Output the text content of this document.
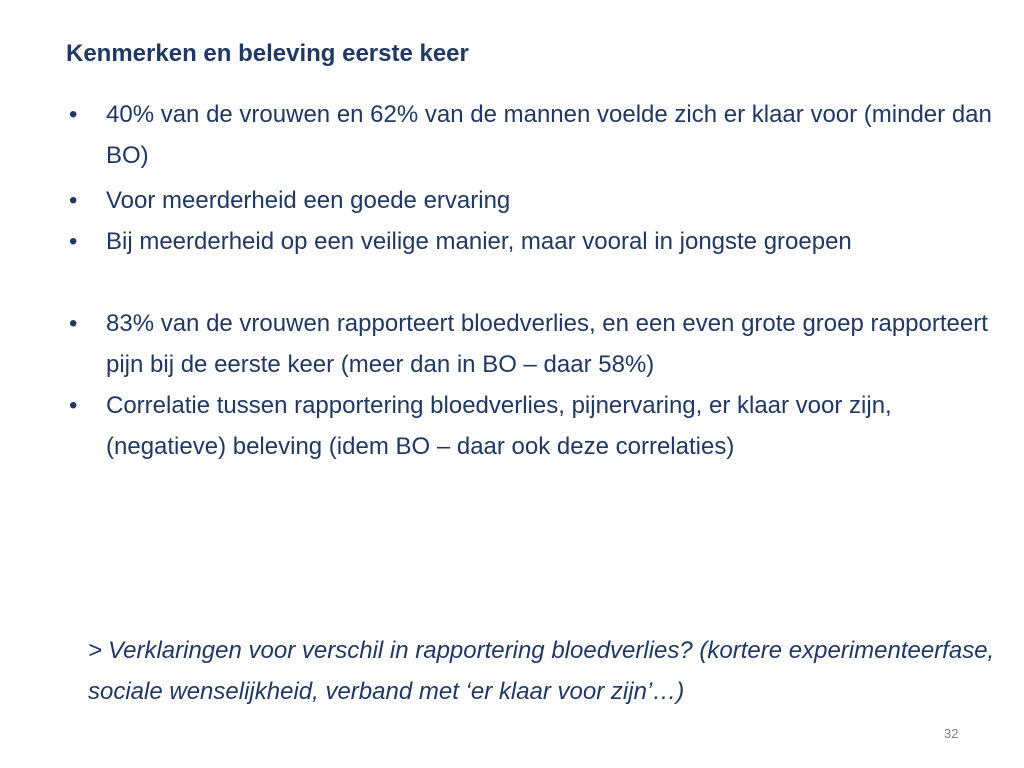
Kenmerken en beleving eerste keer
• 40% van de vrouwen en 62% van de mannen voelde zich er klaar voor (minder dan BO)
• Voor meerderheid een goede ervaring
• Bij meerderheid op een veilige manier, maar vooral in jongste groepen
• 83% van de vrouwen rapporteert bloedverlies, en een even grote groep rapporteert pijn bij de eerste keer (meer dan in BO – daar 58%)
• Correlatie tussen rapportering bloedverlies, pijnervaring, er klaar voor zijn, (negatieve) beleving (idem BO – daar ook deze correlaties)
> Verklaringen voor verschil in rapportering bloedverlies? (kortere experimenteerfase, sociale wenselijkheid, verband met ‘er klaar voor zijn’…)
32
